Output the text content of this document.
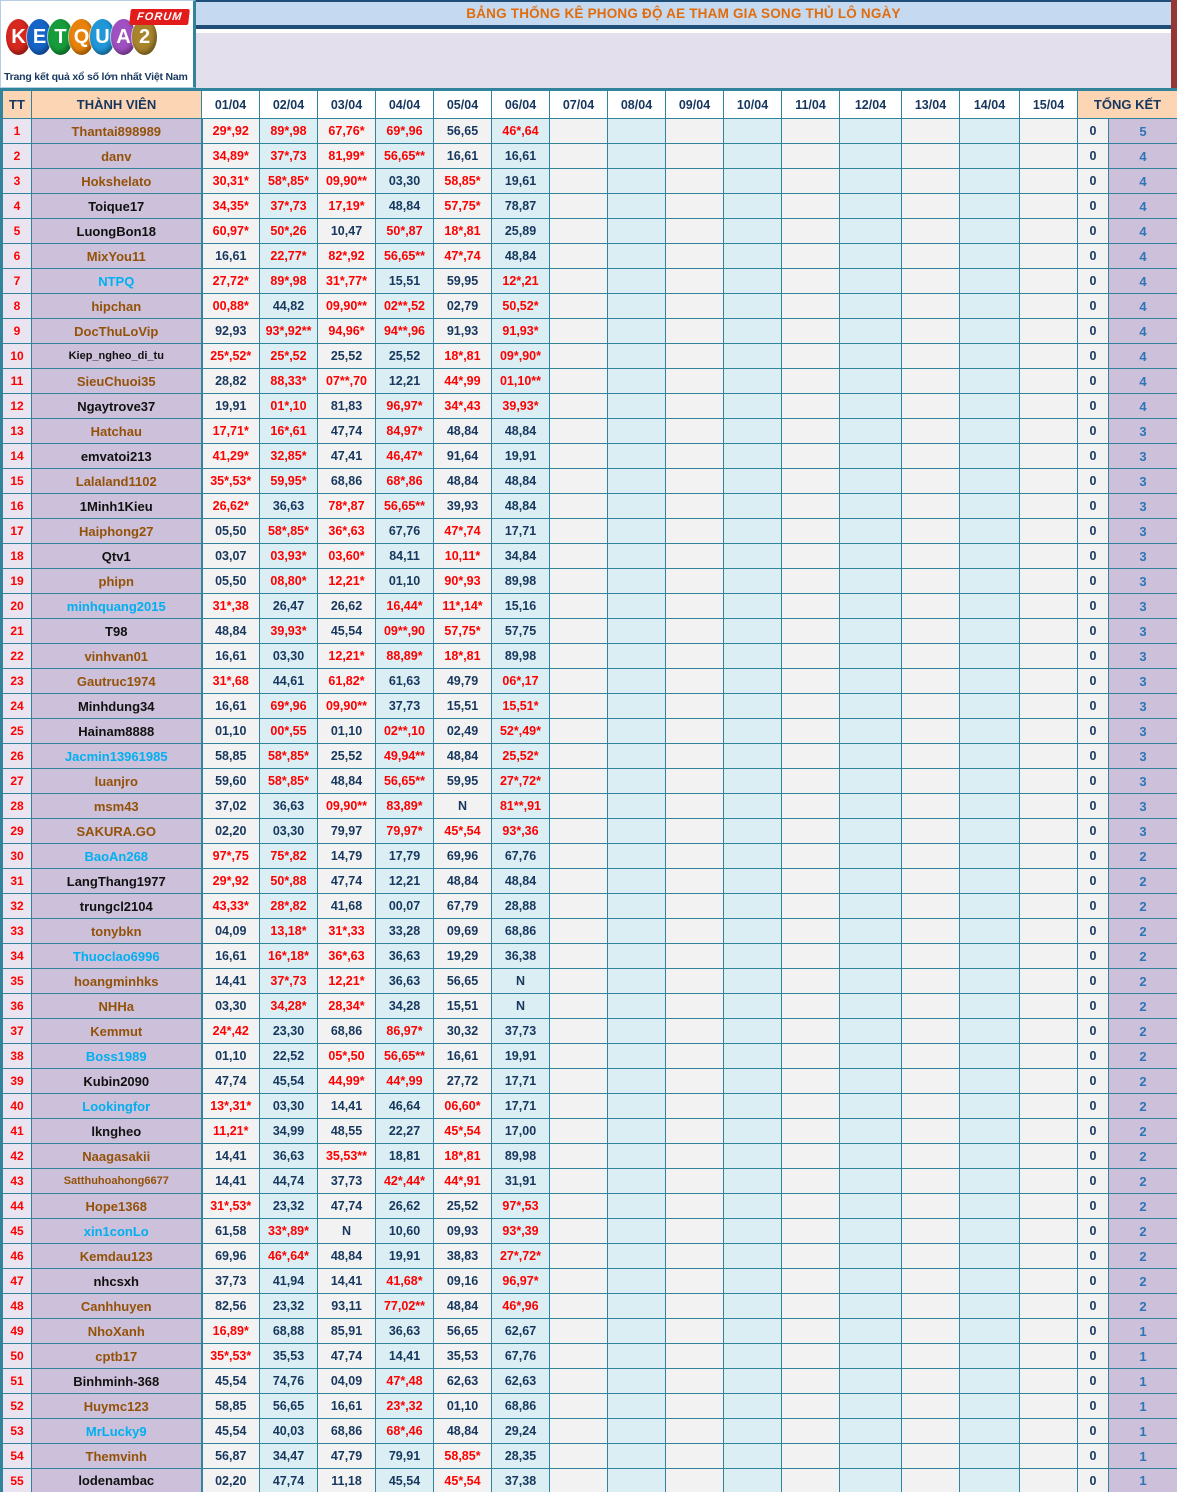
K E T Q U A 2
FORUM
Trang kết quả xổ số lớn nhất Việt Nam
BẢNG THỐNG KÊ PHONG ĐỘ AE THAM GIA SONG THỦ LÔ NGÀY
TT	THÀNH VIÊN	01/04	02/04	03/04	04/04	05/04	06/04	07/04	08/04	09/04	10/04	11/04	12/04	13/04	14/04	15/04	TỔNG KẾT	
1	Thantai898989	29*,92	89*,98	67,76*	69*,96	56,65	46*,64										0	5
2	danv	34,89*	37*,73	81,99*	56,65**	16,61	16,61										0	4
3	Hokshelato	30,31*	58*,85*	09,90**	03,30	58,85*	19,61										0	4
4	Toique17	34,35*	37*,73	17,19*	48,84	57,75*	78,87										0	4
5	LuongBon18	60,97*	50*,26	10,47	50*,87	18*,81	25,89										0	4
6	MixYou11	16,61	22,77*	82*,92	56,65**	47*,74	48,84										0	4
7	NTPQ	27,72*	89*,98	31*,77*	15,51	59,95	12*,21										0	4
8	hipchan	00,88*	44,82	09,90**	02**,52	02,79	50,52*										0	4
9	DocThuLoVip	92,93	93*,92**	94,96*	94**,96	91,93	91,93*										0	4
10	Kiep_ngheo_di_tu	25*,52*	25*,52	25,52	25,52	18*,81	09*,90*										0	4
11	SieuChuoi35	28,82	88,33*	07**,70	12,21	44*,99	01,10**										0	4
12	Ngaytrove37	19,91	01*,10	81,83	96,97*	34*,43	39,93*										0	4
13	Hatchau	17,71*	16*,61	47,74	84,97*	48,84	48,84										0	3
14	emvatoi213	41,29*	32,85*	47,41	46,47*	91,64	19,91										0	3
15	Lalaland1102	35*,53*	59,95*	68,86	68*,86	48,84	48,84										0	3
16	1Minh1Kieu	26,62*	36,63	78*,87	56,65**	39,93	48,84										0	3
17	Haiphong27	05,50	58*,85*	36*,63	67,76	47*,74	17,71										0	3
18	Qtv1	03,07	03,93*	03,60*	84,11	10,11*	34,84										0	3
19	phipn	05,50	08,80*	12,21*	01,10	90*,93	89,98										0	3
20	minhquang2015	31*,38	26,47	26,62	16,44*	11*,14*	15,16										0	3
21	T98	48,84	39,93*	45,54	09**,90	57,75*	57,75										0	3
22	vinhvan01	16,61	03,30	12,21*	88,89*	18*,81	89,98										0	3
23	Gautruc1974	31*,68	44,61	61,82*	61,63	49,79	06*,17										0	3
24	Minhdung34	16,61	69*,96	09,90**	37,73	15,51	15,51*										0	3
25	Hainam8888	01,10	00*,55	01,10	02**,10	02,49	52*,49*										0	3
26	Jacmin13961985	58,85	58*,85*	25,52	49,94**	48,84	25,52*										0	3
27	luanjro	59,60	58*,85*	48,84	56,65**	59,95	27*,72*										0	3
28	msm43	37,02	36,63	09,90**	83,89*	N	81**,91										0	3
29	SAKURA.GO	02,20	03,30	79,97	79,97*	45*,54	93*,36										0	3
30	BaoAn268	97*,75	75*,82	14,79	17,79	69,96	67,76										0	2
31	LangThang1977	29*,92	50*,88	47,74	12,21	48,84	48,84										0	2
32	trungcl2104	43,33*	28*,82	41,68	00,07	67,79	28,88										0	2
33	tonybkn	04,09	13,18*	31*,33	33,28	09,69	68,86										0	2
34	Thuoclao6996	16,61	16*,18*	36*,63	36,63	19,29	36,38										0	2
35	hoangminhks	14,41	37*,73	12,21*	36,63	56,65	N										0	2
36	NHHa	03,30	34,28*	28,34*	34,28	15,51	N										0	2
37	Kemmut	24*,42	23,30	68,86	86,97*	30,32	37,73										0	2
38	Boss1989	01,10	22,52	05*,50	56,65**	16,61	19,91										0	2
39	Kubin2090	47,74	45,54	44,99*	44*,99	27,72	17,71										0	2
40	Lookingfor	13*,31*	03,30	14,41	46,64	06,60*	17,71										0	2
41	lkngheo	11,21*	34,99	48,55	22,27	45*,54	17,00										0	2
42	Naagasakii	14,41	36,63	35,53**	18,81	18*,81	89,98										0	2
43	Satthuhoahong6677	14,41	44,74	37,73	42*,44*	44*,91	31,91										0	2
44	Hope1368	31*,53*	23,32	47,74	26,62	25,52	97*,53										0	2
45	xin1conLo	61,58	33*,89*	N	10,60	09,93	93*,39										0	2
46	Kemdau123	69,96	46*,64*	48,84	19,91	38,83	27*,72*										0	2
47	nhcsxh	37,73	41,94	14,41	41,68*	09,16	96,97*										0	2
48	Canhhuyen	82,56	23,32	93,11	77,02**	48,84	46*,96										0	2
49	NhoXanh	16,89*	68,88	85,91	36,63	56,65	62,67										0	1
50	cptb17	35*,53*	35,53	47,74	14,41	35,53	67,76										0	1
51	Binhminh-368	45,54	74,76	04,09	47*,48	62,63	62,63										0	1
52	Huymc123	58,85	56,65	16,61	23*,32	01,10	68,86										0	1
53	MrLucky9	45,54	40,03	68,86	68*,46	48,84	29,24										0	1
54	Themvinh	56,87	34,47	47,79	79,91	58,85*	28,35										0	1
55	lodenambac	02,20	47,74	11,18	45,54	45*,54	37,38										0	1
